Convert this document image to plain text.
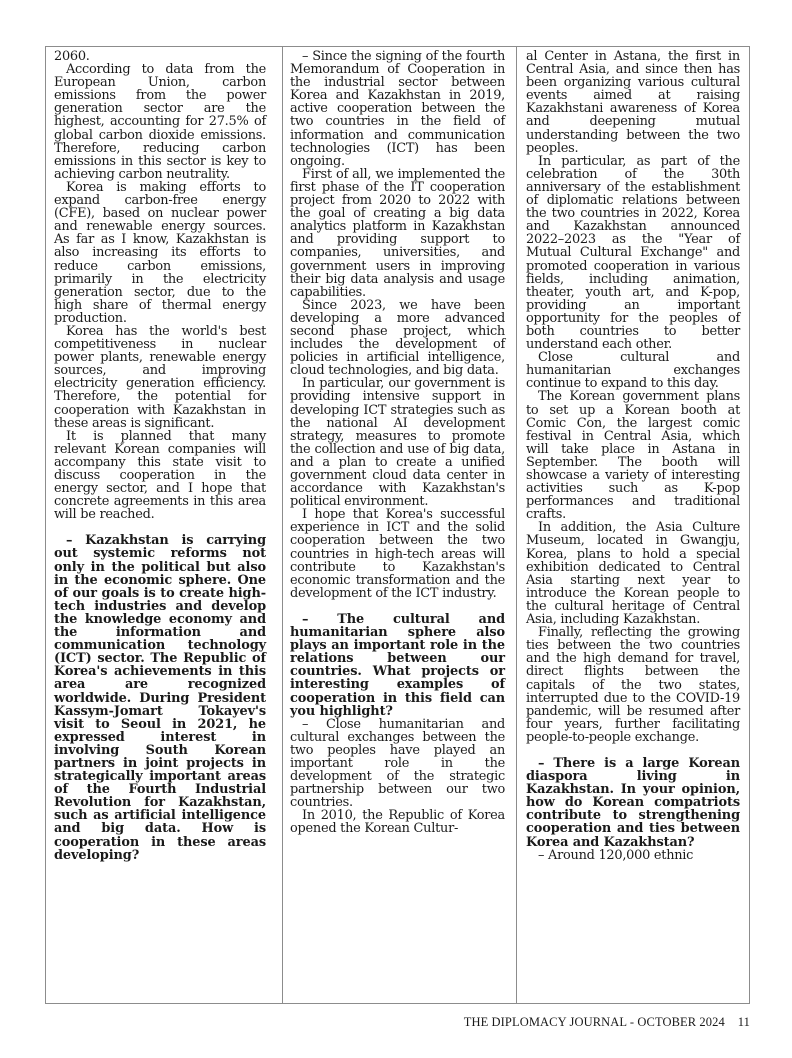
2060.

According to data from the European Union, carbon emissions from the power generation sector are the highest, accounting for 27.5% of global carbon dioxide emissions. Therefore, reducing carbon emissions in this sector is key to achieving carbon neutrality.

Korea is making efforts to expand carbon-free energy (CFE), based on nuclear power and renewable energy sources. As far as I know, Kazakhstan is also increasing its efforts to reduce carbon emissions, primarily in the electricity generation sector, due to the high share of thermal energy production.

Korea has the world's best competitiveness in nuclear power plants, renewable energy sources, and improving electricity generation efficiency. Therefore, the potential for cooperation with Kazakhstan in these areas is significant.

It is planned that many relevant Korean companies will accompany this state visit to discuss cooperation in the energy sector, and I hope that concrete agreements in this area will be reached.

– Kazakhstan is carrying out systemic reforms not only in the political but also in the economic sphere. One of our goals is to create high-tech industries and develop the knowledge economy and the information and communication technology (ICT) sector. The Republic of Korea's achievements in this area are recognized worldwide. During President Kassym-Jomart Tokayev's visit to Seoul in 2021, he expressed interest in involving South Korean partners in joint projects in strategically important areas of the Fourth Industrial Revolution for Kazakhstan, such as artificial intelligence and big data. How is cooperation in these areas developing?

– Since the signing of the fourth Memorandum of Cooperation in the industrial sector between Korea and Kazakhstan in 2019, active cooperation between the two countries in the field of information and communication technologies (ICT) has been ongoing.

First of all, we implemented the first phase of the IT cooperation project from 2020 to 2022 with the goal of creating a big data analytics platform in Kazakhstan and providing support to companies, universities, and government users in improving their big data analysis and usage capabilities.

Since 2023, we have been developing a more advanced second phase project, which includes the development of policies in artificial intelligence, cloud technologies, and big data.

In particular, our government is providing intensive support in developing ICT strategies such as the national AI development strategy, measures to promote the collection and use of big data, and a plan to create a unified government cloud data center in accordance with Kazakhstan's political environment.

I hope that Korea's successful experience in ICT and the solid cooperation between the two countries in high-tech areas will contribute to Kazakhstan's economic transformation and the development of the ICT industry.

– The cultural and humanitarian sphere also plays an important role in the relations between our countries. What projects or interesting examples of cooperation in this field can you highlight?

– Close humanitarian and cultural exchanges between the two peoples have played an important role in the development of the strategic partnership between our two countries.

In 2010, the Republic of Korea opened the Korean Cultur-

al Center in Astana, the first in Central Asia, and since then has been organizing various cultural events aimed at raising Kazakhstani awareness of Korea and deepening mutual understanding between the two peoples.

In particular, as part of the celebration of the 30th anniversary of the establishment of diplomatic relations between the two countries in 2022, Korea and Kazakhstan announced 2022–2023 as the "Year of Mutual Cultural Exchange" and promoted cooperation in various fields, including animation, theater, youth art, and K-pop, providing an important opportunity for the peoples of both countries to better understand each other.

Close cultural and humanitarian exchanges continue to expand to this day.

The Korean government plans to set up a Korean booth at Comic Con, the largest comic festival in Central Asia, which will take place in Astana in September. The booth will showcase a variety of interesting activities such as K-pop performances and traditional crafts.

In addition, the Asia Culture Museum, located in Gwangju, Korea, plans to hold a special exhibition dedicated to Central Asia starting next year to introduce the Korean people to the cultural heritage of Central Asia, including Kazakhstan.

Finally, reflecting the growing ties between the two countries and the high demand for travel, direct flights between the capitals of the two states, interrupted due to the COVID-19 pandemic, will be resumed after four years, further facilitating people-to-people exchange.

– There is a large Korean diaspora living in Kazakhstan. In your opinion, how do Korean compatriots contribute to strengthening cooperation and ties between Korea and Kazakhstan?

– Around 120,000 ethnic

THE DIPLOMACY JOURNAL - OCTOBER 2024 11
